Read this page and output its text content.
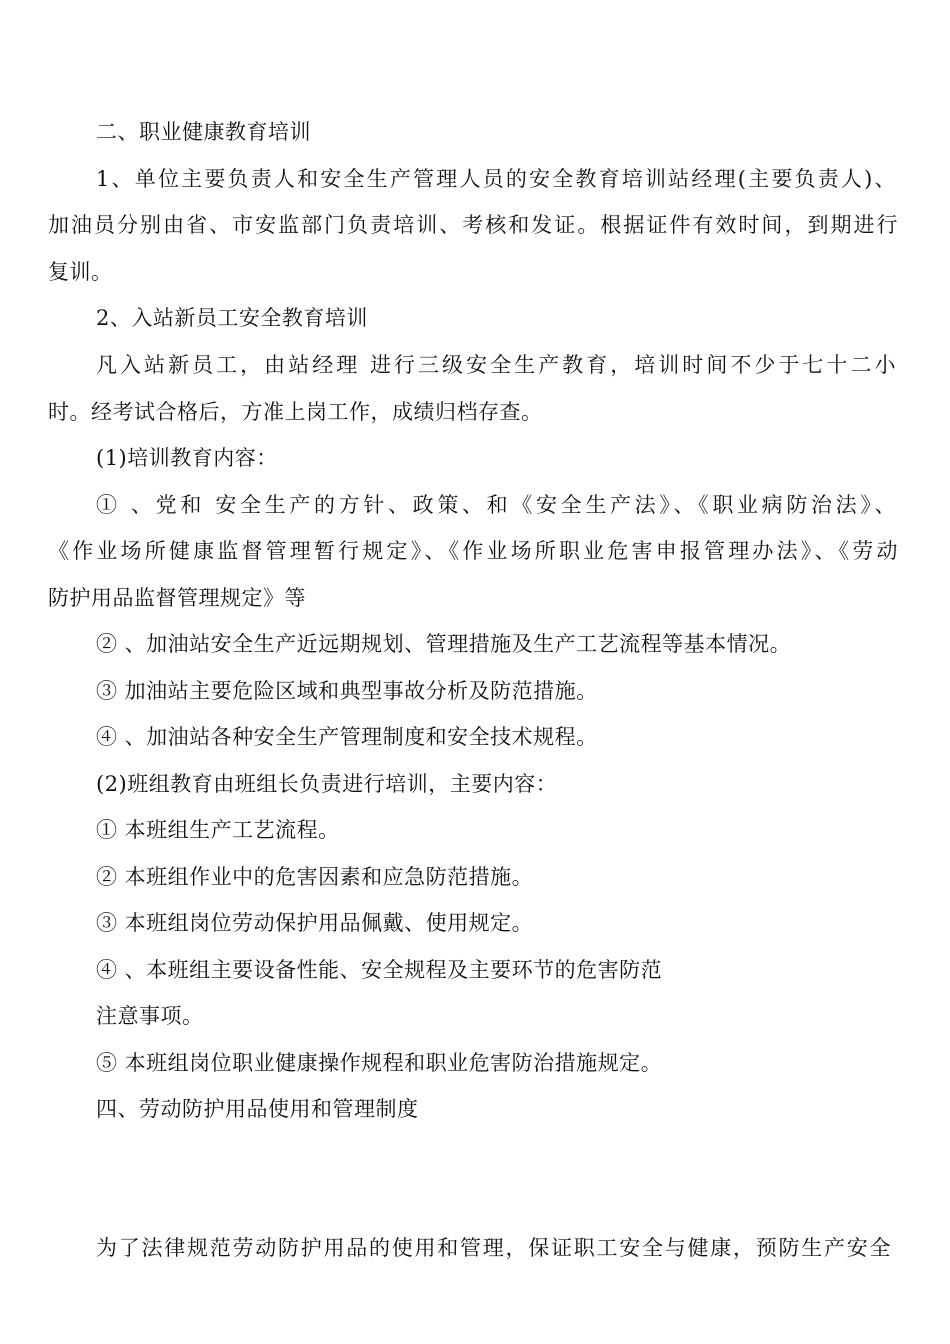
二、职业健康教育培训
1、单位主要负责人和安全生产管理人员的安全教育培训站经理(主要负责人)、
加油员分别由省、市安监部门负责培训、考核和发证。根据证件有效时间，到期进行
复训。
2、入站新员工安全教育培训
凡入站新员工，由站经理 进行三级安全生产教育，培训时间不少于七十二小
时。经考试合格后，方准上岗工作，成绩归档存查。
(1)培训教育内容：
① 、党和 安全生产的方针、政策、和《安全生产法》、《职业病防治法》、
《作业场所健康监督管理暂行规定》、《作业场所职业危害申报管理办法》、《劳动
防护用品监督管理规定》等
② 、加油站安全生产近远期规划、管理措施及生产工艺流程等基本情况。
③ 加油站主要危险区域和典型事故分析及防范措施。
④ 、加油站各种安全生产管理制度和安全技术规程。
(2)班组教育由班组长负责进行培训，主要内容：
① 本班组生产工艺流程。
② 本班组作业中的危害因素和应急防范措施。
③ 本班组岗位劳动保护用品佩戴、使用规定。
④ 、本班组主要设备性能、安全规程及主要环节的危害防范
注意事项。
⑤ 本班组岗位职业健康操作规程和职业危害防治措施规定。
四、劳动防护用品使用和管理制度
为了法律规范劳动防护用品的使用和管理，保证职工安全与健康，预防生产安全
